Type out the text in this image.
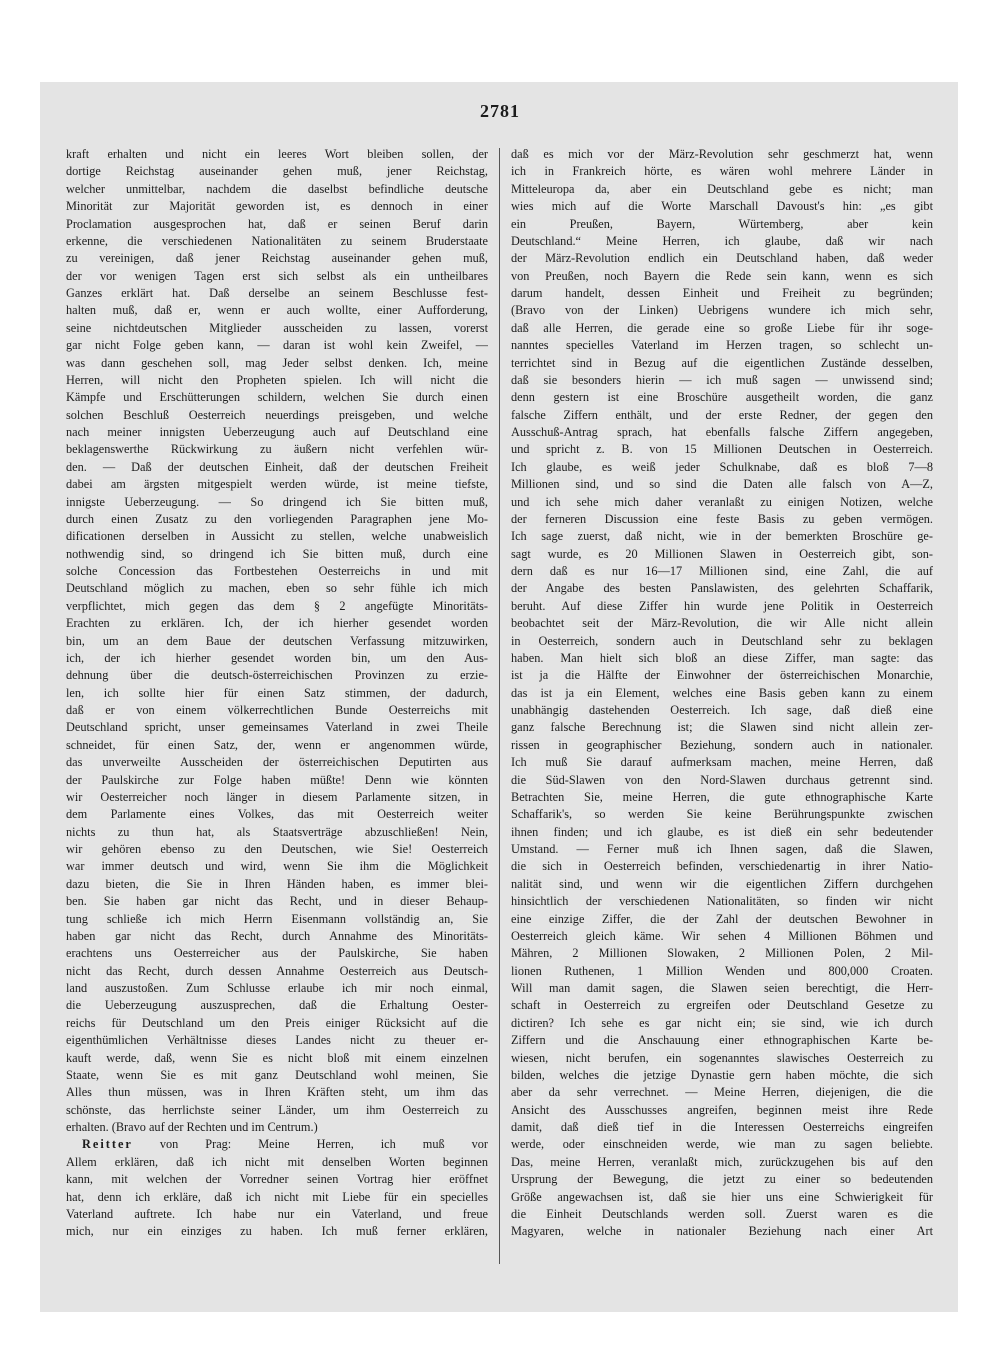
2781
kraft erhalten und nicht ein leeres Wort bleiben sollen, der
dortige Reichstag auseinander gehen muß, jener Reichstag,
welcher unmittelbar, nachdem die daselbst befindliche deutsche
Minorität zur Majorität geworden ist, es dennoch in einer
Proclamation ausgesprochen hat, daß er seinen Beruf darin
erkenne, die verschiedenen Nationalitäten zu seinem Bruderstaate
zu vereinigen, daß jener Reichstag auseinander gehen muß,
der vor wenigen Tagen erst sich selbst als ein untheilbares
Ganzes erklärt hat. Daß derselbe an seinem Beschlusse fest-
halten muß, daß er, wenn er auch wollte, einer Aufforderung,
seine nichtdeutschen Mitglieder ausscheiden zu lassen, vorerst
gar nicht Folge geben kann, — daran ist wohl kein Zweifel, —
was dann geschehen soll, mag Jeder selbst denken. Ich, meine
Herren, will nicht den Propheten spielen. Ich will nicht die
Kämpfe und Erschütterungen schildern, welchen Sie durch einen
solchen Beschluß Oesterreich neuerdings preisgeben, und welche
nach meiner innigsten Ueberzeugung auch auf Deutschland eine
beklagenswerthe Rückwirkung zu äußern nicht verfehlen wür-
den. — Daß der deutschen Einheit, daß der deutschen Freiheit
dabei am ärgsten mitgespielt werden würde, ist meine tiefste,
innigste Ueberzeugung. — So dringend ich Sie bitten muß,
durch einen Zusatz zu den vorliegenden Paragraphen jene Mo-
dificationen derselben in Aussicht zu stellen, welche unabweislich
nothwendig sind, so dringend ich Sie bitten muß, durch eine
solche Concession das Fortbestehen Oesterreichs in und mit
Deutschland möglich zu machen, eben so sehr fühle ich mich
verpflichtet, mich gegen das dem § 2 angefügte Minoritäts-
Erachten zu erklären. Ich, der ich hierher gesendet worden
bin, um an dem Baue der deutschen Verfassung mitzuwirken,
ich, der ich hierher gesendet worden bin, um den Aus-
dehnung über die deutsch-österreichischen Provinzen zu erzie-
len, ich sollte hier für einen Satz stimmen, der dadurch,
daß er von einem völkerrechtlichen Bunde Oesterreichs mit
Deutschland spricht, unser gemeinsames Vaterland in zwei Theile
schneidet, für einen Satz, der, wenn er angenommen würde,
das unverweilte Ausscheiden der österreichischen Deputirten aus
der Paulskirche zur Folge haben müßte! Denn wie könnten
wir Oesterreicher noch länger in diesem Parlamente sitzen, in
dem Parlamente eines Volkes, das mit Oesterreich weiter
nichts zu thun hat, als Staatsverträge abzuschließen! Nein,
wir gehören ebenso zu den Deutschen, wie Sie! Oesterreich
war immer deutsch und wird, wenn Sie ihm die Möglichkeit
dazu bieten, die Sie in Ihren Händen haben, es immer blei-
ben. Sie haben gar nicht das Recht, und in dieser Behaup-
tung schließe ich mich Herrn Eisenmann vollständig an, Sie
haben gar nicht das Recht, durch Annahme des Minoritäts-
erachtens uns Oesterreicher aus der Paulskirche, Sie haben
nicht das Recht, durch dessen Annahme Oesterreich aus Deutsch-
land auszustoßen. Zum Schlusse erlaube ich mir noch einmal,
die Ueberzeugung auszusprechen, daß die Erhaltung Oester-
reichs für Deutschland um den Preis einiger Rücksicht auf die
eigenthümlichen Verhältnisse dieses Landes nicht zu theuer er-
kauft werde, daß, wenn Sie es nicht bloß mit einem einzelnen
Staate, wenn Sie es mit ganz Deutschland wohl meinen, Sie
Alles thun müssen, was in Ihren Kräften steht, um ihm das
schönste, das herrlichste seiner Länder, um ihm Oesterreich zu
erhalten. (Bravo auf der Rechten und im Centrum.)
Reitter von Prag: Meine Herren, ich muß vor
Allem erklären, daß ich nicht mit denselben Worten beginnen
kann, mit welchen der Vorredner seinen Vortrag hier eröffnet
hat, denn ich erkläre, daß ich nicht mit Liebe für ein specielles
Vaterland auftrete. Ich habe nur ein Vaterland, und freue
mich, nur ein einziges zu haben. Ich muß ferner erklären,
daß es mich vor der März-Revolution sehr geschmerzt hat, wenn
ich in Frankreich hörte, es wären wohl mehrere Länder in
Mitteleuropa da, aber ein Deutschland gebe es nicht; man
wies mich auf die Worte Marschall Davoust's hin: „es gibt
ein Preußen, Bayern, Würtemberg, aber kein
Deutschland.“ Meine Herren, ich glaube, daß wir nach
der März-Revolution endlich ein Deutschland haben, daß weder
von Preußen, noch Bayern die Rede sein kann, wenn es sich
darum handelt, dessen Einheit und Freiheit zu begründen;
(Bravo von der Linken) Uebrigens wundere ich mich sehr,
daß alle Herren, die gerade eine so große Liebe für ihr soge-
nanntes specielles Vaterland im Herzen tragen, so schlecht un-
terrichtet sind in Bezug auf die eigentlichen Zustände desselben,
daß sie besonders hierin — ich muß sagen — unwissend sind;
denn gestern ist eine Broschüre ausgetheilt worden, die ganz
falsche Ziffern enthält, und der erste Redner, der gegen den
Ausschuß-Antrag sprach, hat ebenfalls falsche Ziffern angegeben,
und spricht z. B. von 15 Millionen Deutschen in Oesterreich.
Ich glaube, es weiß jeder Schulknabe, daß es bloß 7—8
Millionen sind, und so sind die Daten alle falsch von A—Z,
und ich sehe mich daher veranlaßt zu einigen Notizen, welche
der ferneren Discussion eine feste Basis zu geben vermögen.
Ich sage zuerst, daß nicht, wie in der bemerkten Broschüre ge-
sagt wurde, es 20 Millionen Slawen in Oesterreich gibt, son-
dern daß es nur 16—17 Millionen sind, eine Zahl, die auf
der Angabe des besten Panslawisten, des gelehrten Schaffarik,
beruht. Auf diese Ziffer hin wurde jene Politik in Oesterreich
beobachtet seit der März-Revolution, die wir Alle nicht allein
in Oesterreich, sondern auch in Deutschland sehr zu beklagen
haben. Man hielt sich bloß an diese Ziffer, man sagte: das
ist ja die Hälfte der Einwohner der österreichischen Monarchie,
das ist ja ein Element, welches eine Basis geben kann zu einem
unabhängig dastehenden Oesterreich. Ich sage, daß dieß eine
ganz falsche Berechnung ist; die Slawen sind nicht allein zer-
rissen in geographischer Beziehung, sondern auch in nationaler.
Ich muß Sie darauf aufmerksam machen, meine Herren, daß
die Süd-Slawen von den Nord-Slawen durchaus getrennt sind.
Betrachten Sie, meine Herren, die gute ethnographische Karte
Schaffarik's, so werden Sie keine Berührungspunkte zwischen
ihnen finden; und ich glaube, es ist dieß ein sehr bedeutender
Umstand. — Ferner muß ich Ihnen sagen, daß die Slawen,
die sich in Oesterreich befinden, verschiedenartig in ihrer Natio-
nalität sind, und wenn wir die eigentlichen Ziffern durchgehen
hinsichtlich der verschiedenen Nationalitäten, so finden wir nicht
eine einzige Ziffer, die der Zahl der deutschen Bewohner in
Oesterreich gleich käme. Wir sehen 4 Millionen Böhmen und
Mähren, 2 Millionen Slowaken, 2 Millionen Polen, 2 Mil-
lionen Ruthenen, 1 Million Wenden und 800,000 Croaten.
Will man damit sagen, die Slawen seien berechtigt, die Herr-
schaft in Oesterreich zu ergreifen oder Deutschland Gesetze zu
dictiren? Ich sehe es gar nicht ein; sie sind, wie ich durch
Ziffern und die Anschauung einer ethnographischen Karte be-
wiesen, nicht berufen, ein sogenanntes slawisches Oesterreich zu
bilden, welches die jetzige Dynastie gern haben möchte, die sich
aber da sehr verrechnet. — Meine Herren, diejenigen, die die
Ansicht des Ausschusses angreifen, beginnen meist ihre Rede
damit, daß dieß tief in die Interessen Oesterreichs eingreifen
werde, oder einschneiden werde, wie man zu sagen beliebte.
Das, meine Herren, veranlaßt mich, zurückzugehen bis auf den
Ursprung der Bewegung, die jetzt zu einer so bedeutenden
Größe angewachsen ist, daß sie hier uns eine Schwierigkeit für
die Einheit Deutschlands werden soll. Zuerst waren es die
Magyaren, welche in nationaler Beziehung nach einer Art
